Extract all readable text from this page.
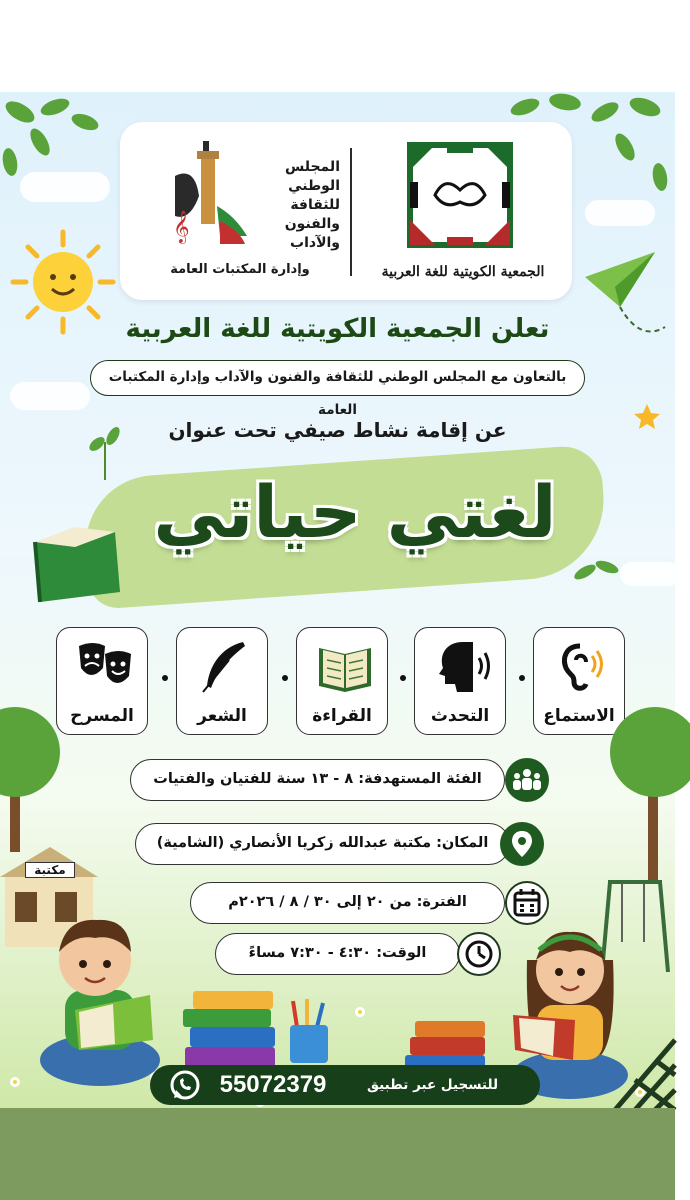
𝄞
المجلس الوطني للثقافة والفنون والآداب
وإدارة المكتبات العامة	الجمعية الكويتية للغة العربية
تعلن الجمعية الكويتية للغة العربية
بالتعاون مع المجلس الوطني للثقافة والفنون والآداب وإدارة المكتبات العامة
عن إقامة نشاط صيفي تحت عنوان
لغتي حياتي
الاستماع
التحدث
القراءة
الشعر
المسرح
الفئة المستهدفة: ٨ - ١٣ سنة للفتيان والفتيات
المكان: مكتبة عبدالله زكريا الأنصاري (الشامية)
الفترة: من ٢٠ إلى ٣٠ / ٨ / ٢٠٢٦م
الوقت: ٤:٣٠ - ٧:٣٠ مساءً
مكتبة
للتسجيل عبر تطبيق
55072379
